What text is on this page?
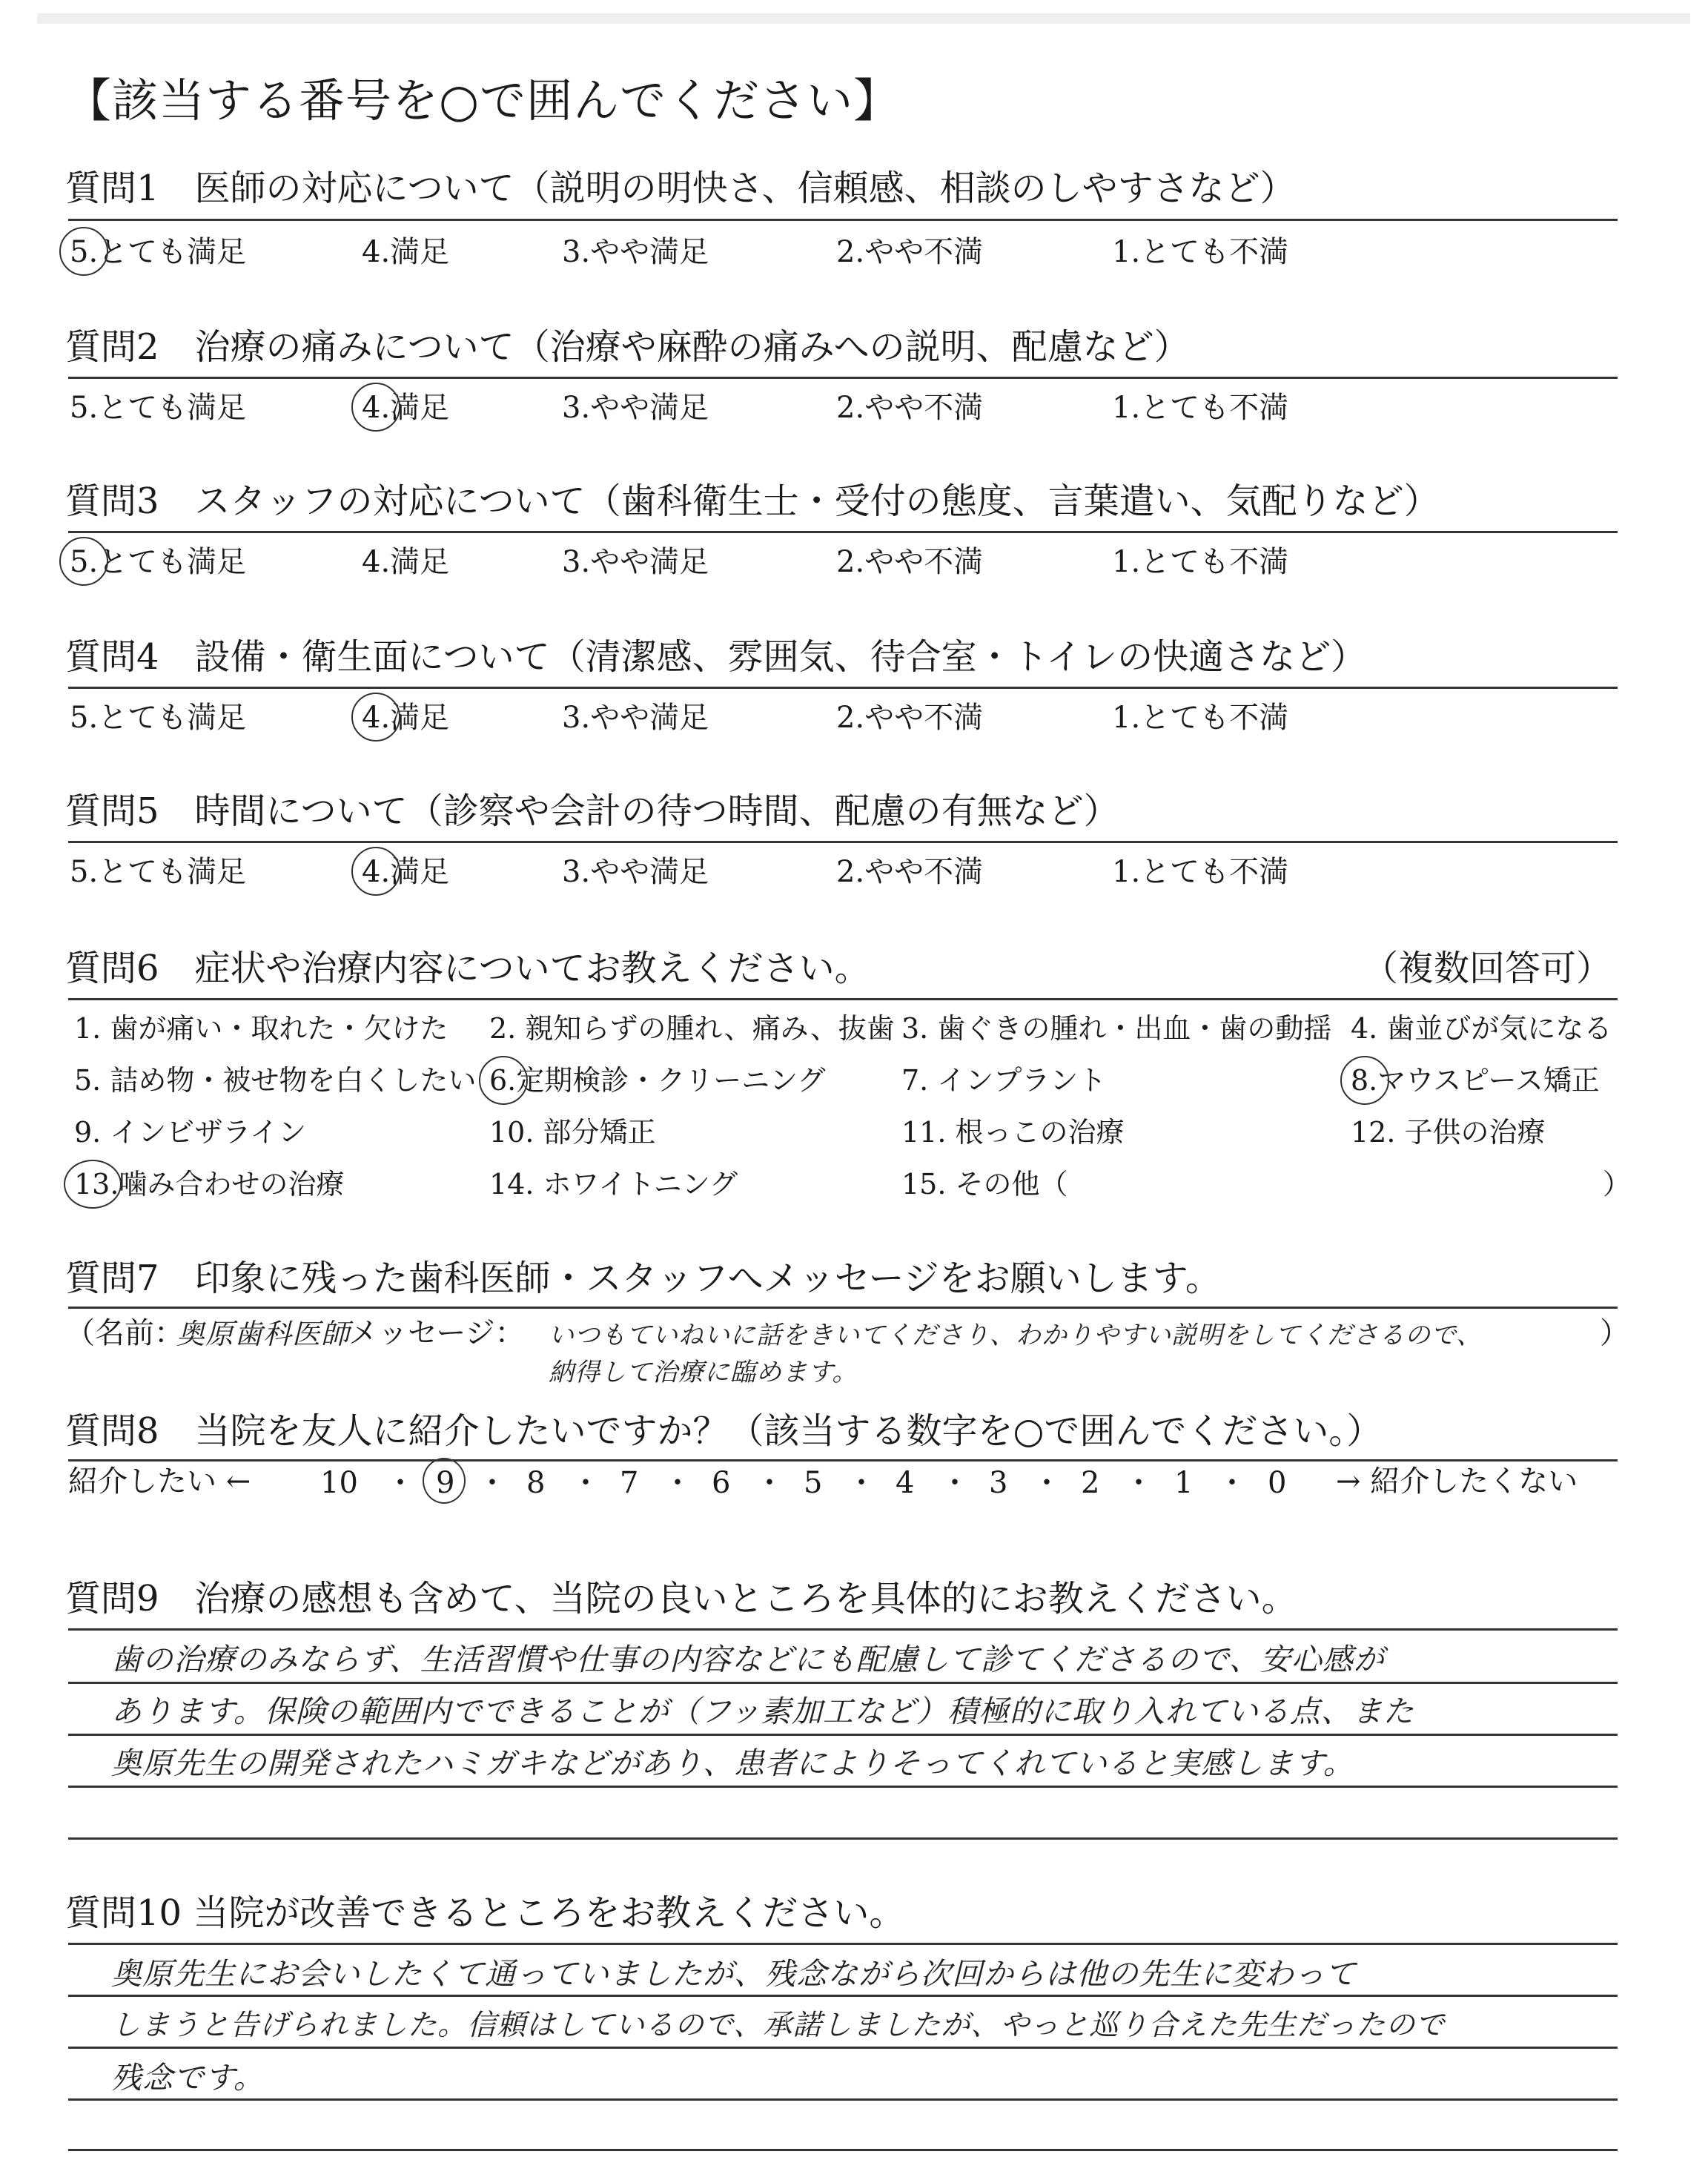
【該当する番号を○で囲んでください】
質問1　医師の対応について（説明の明快さ、信頼感、相談のしやすさなど）
5.とても満足	4.満足	3.やや満足	2.やや不満	1.とても不満
質問2　治療の痛みについて（治療や麻酔の痛みへの説明、配慮など）
5.とても満足	4.満足	3.やや満足	2.やや不満	1.とても不満
質問3　スタッフの対応について（歯科衛生士・受付の態度、言葉遣い、気配りなど）
5.とても満足	4.満足	3.やや満足	2.やや不満	1.とても不満
質問4　設備・衛生面について（清潔感、雰囲気、待合室・トイレの快適さなど）
5.とても満足	4.満足	3.やや満足	2.やや不満	1.とても不満
質問5　時間について（診察や会計の待つ時間、配慮の有無など）
5.とても満足	4.満足	3.やや満足	2.やや不満	1.とても不満
質問6　症状や治療内容についてお教えください。	（複数回答可）
1. 歯が痛い・取れた・欠けた 2. 親知らずの腫れ、痛み、抜歯 3. 歯ぐきの腫れ・出血・歯の動揺 4. 歯並びが気になる
5. 詰め物・被せ物を白くしたい 6.定期検診・クリーニング	7. インプラント	8.マウスピース矯正
9. インビザライン	10. 部分矯正	11. 根っこの治療	12. 子供の治療
13.噛み合わせの治療	14. ホワイトニング	15. その他（	）
質問7　印象に残った歯科医師・スタッフへメッセージをお願いします。
（名前：
奥原歯科医師
メッセージ： いつもていねいに話をきいてくださり、わかりやすい説明をしてくださるので、	）
納得して治療に臨めます。
質問8　当院を友人に紹介したいですか？（該当する数字を○で囲んでください。）
紹介したい ←	→ 紹介したくない
10 ・ 9 ・ 8 ・ 7 ・ 6 ・ 5 ・ 4 ・ 3 ・ 2 ・ 1 ・ 0
質問9　治療の感想も含めて、当院の良いところを具体的にお教えください。
歯の治療のみならず、生活習慣や仕事の内容などにも配慮して診てくださるので、安心感が
あります。保険の範囲内でできることが（フッ素加工など）積極的に取り入れている点、また
奥原先生の開発されたハミガキなどがあり、患者によりそってくれていると実感します。
質問10 当院が改善できるところをお教えください。
奥原先生にお会いしたくて通っていましたが、残念ながら次回からは他の先生に変わって
しまうと告げられました。信頼はしているので、承諾しましたが、やっと巡り合えた先生だったので
残念です。
